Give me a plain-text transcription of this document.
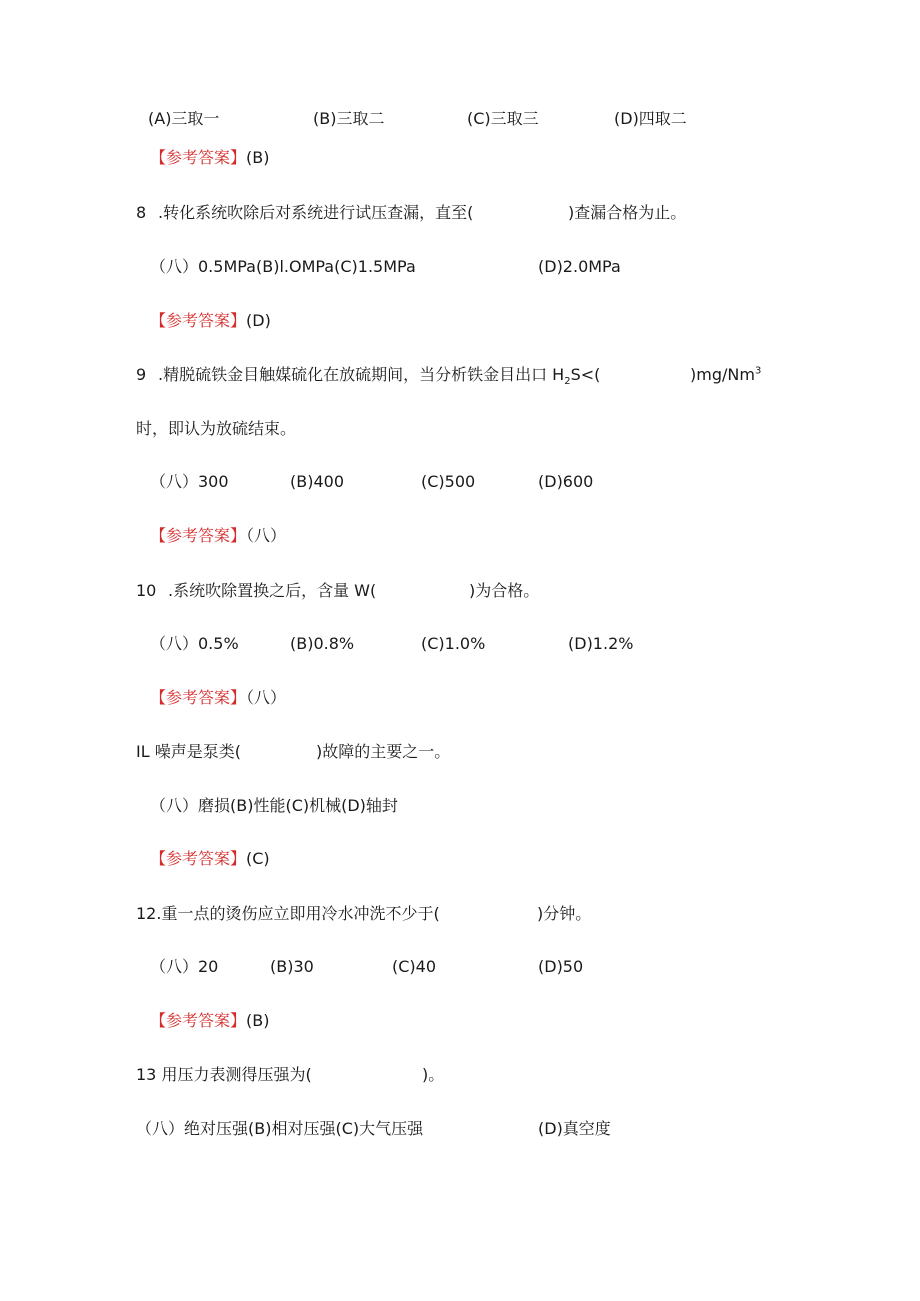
(A)三取一	(B)三取二	(C)三取三	(D)四取二
【参考答案】(B)
8 .转化系统吹除后对系统进行试压查漏，直至(	)查漏合格为止。
（八）0.5MPa(B)l.OMPa(C)1.5MPa	(D)2.0MPa
【参考答案】(D)
9 .精脱硫铁金目触媒硫化在放硫期间，当分析铁金目出口 $H_2S<$(	)mg/Nm$^3$
时，即认为放硫结束。
（八）300	(B)400	(C)500	(D)600
【参考答案】（八）
10 .系统吹除置换之后，含量 W(	)为合格。
（八）0.5%	(B)0.8%	(C)1.0%	(D)1.2%
【参考答案】（八）
IL 噪声是泵类(	)故障的主要之一。
（八）磨损(B)性能(C)机械(D)轴封
【参考答案】(C)
12.重一点的烫伤应立即用冷水冲洗不少于(	)分钟。
（八）20	(B)30	(C)40	(D)50
【参考答案】(B)
13 用压力表测得压强为(	)。
（八）绝对压强(B)相对压强(C)大气压强	(D)真空度
